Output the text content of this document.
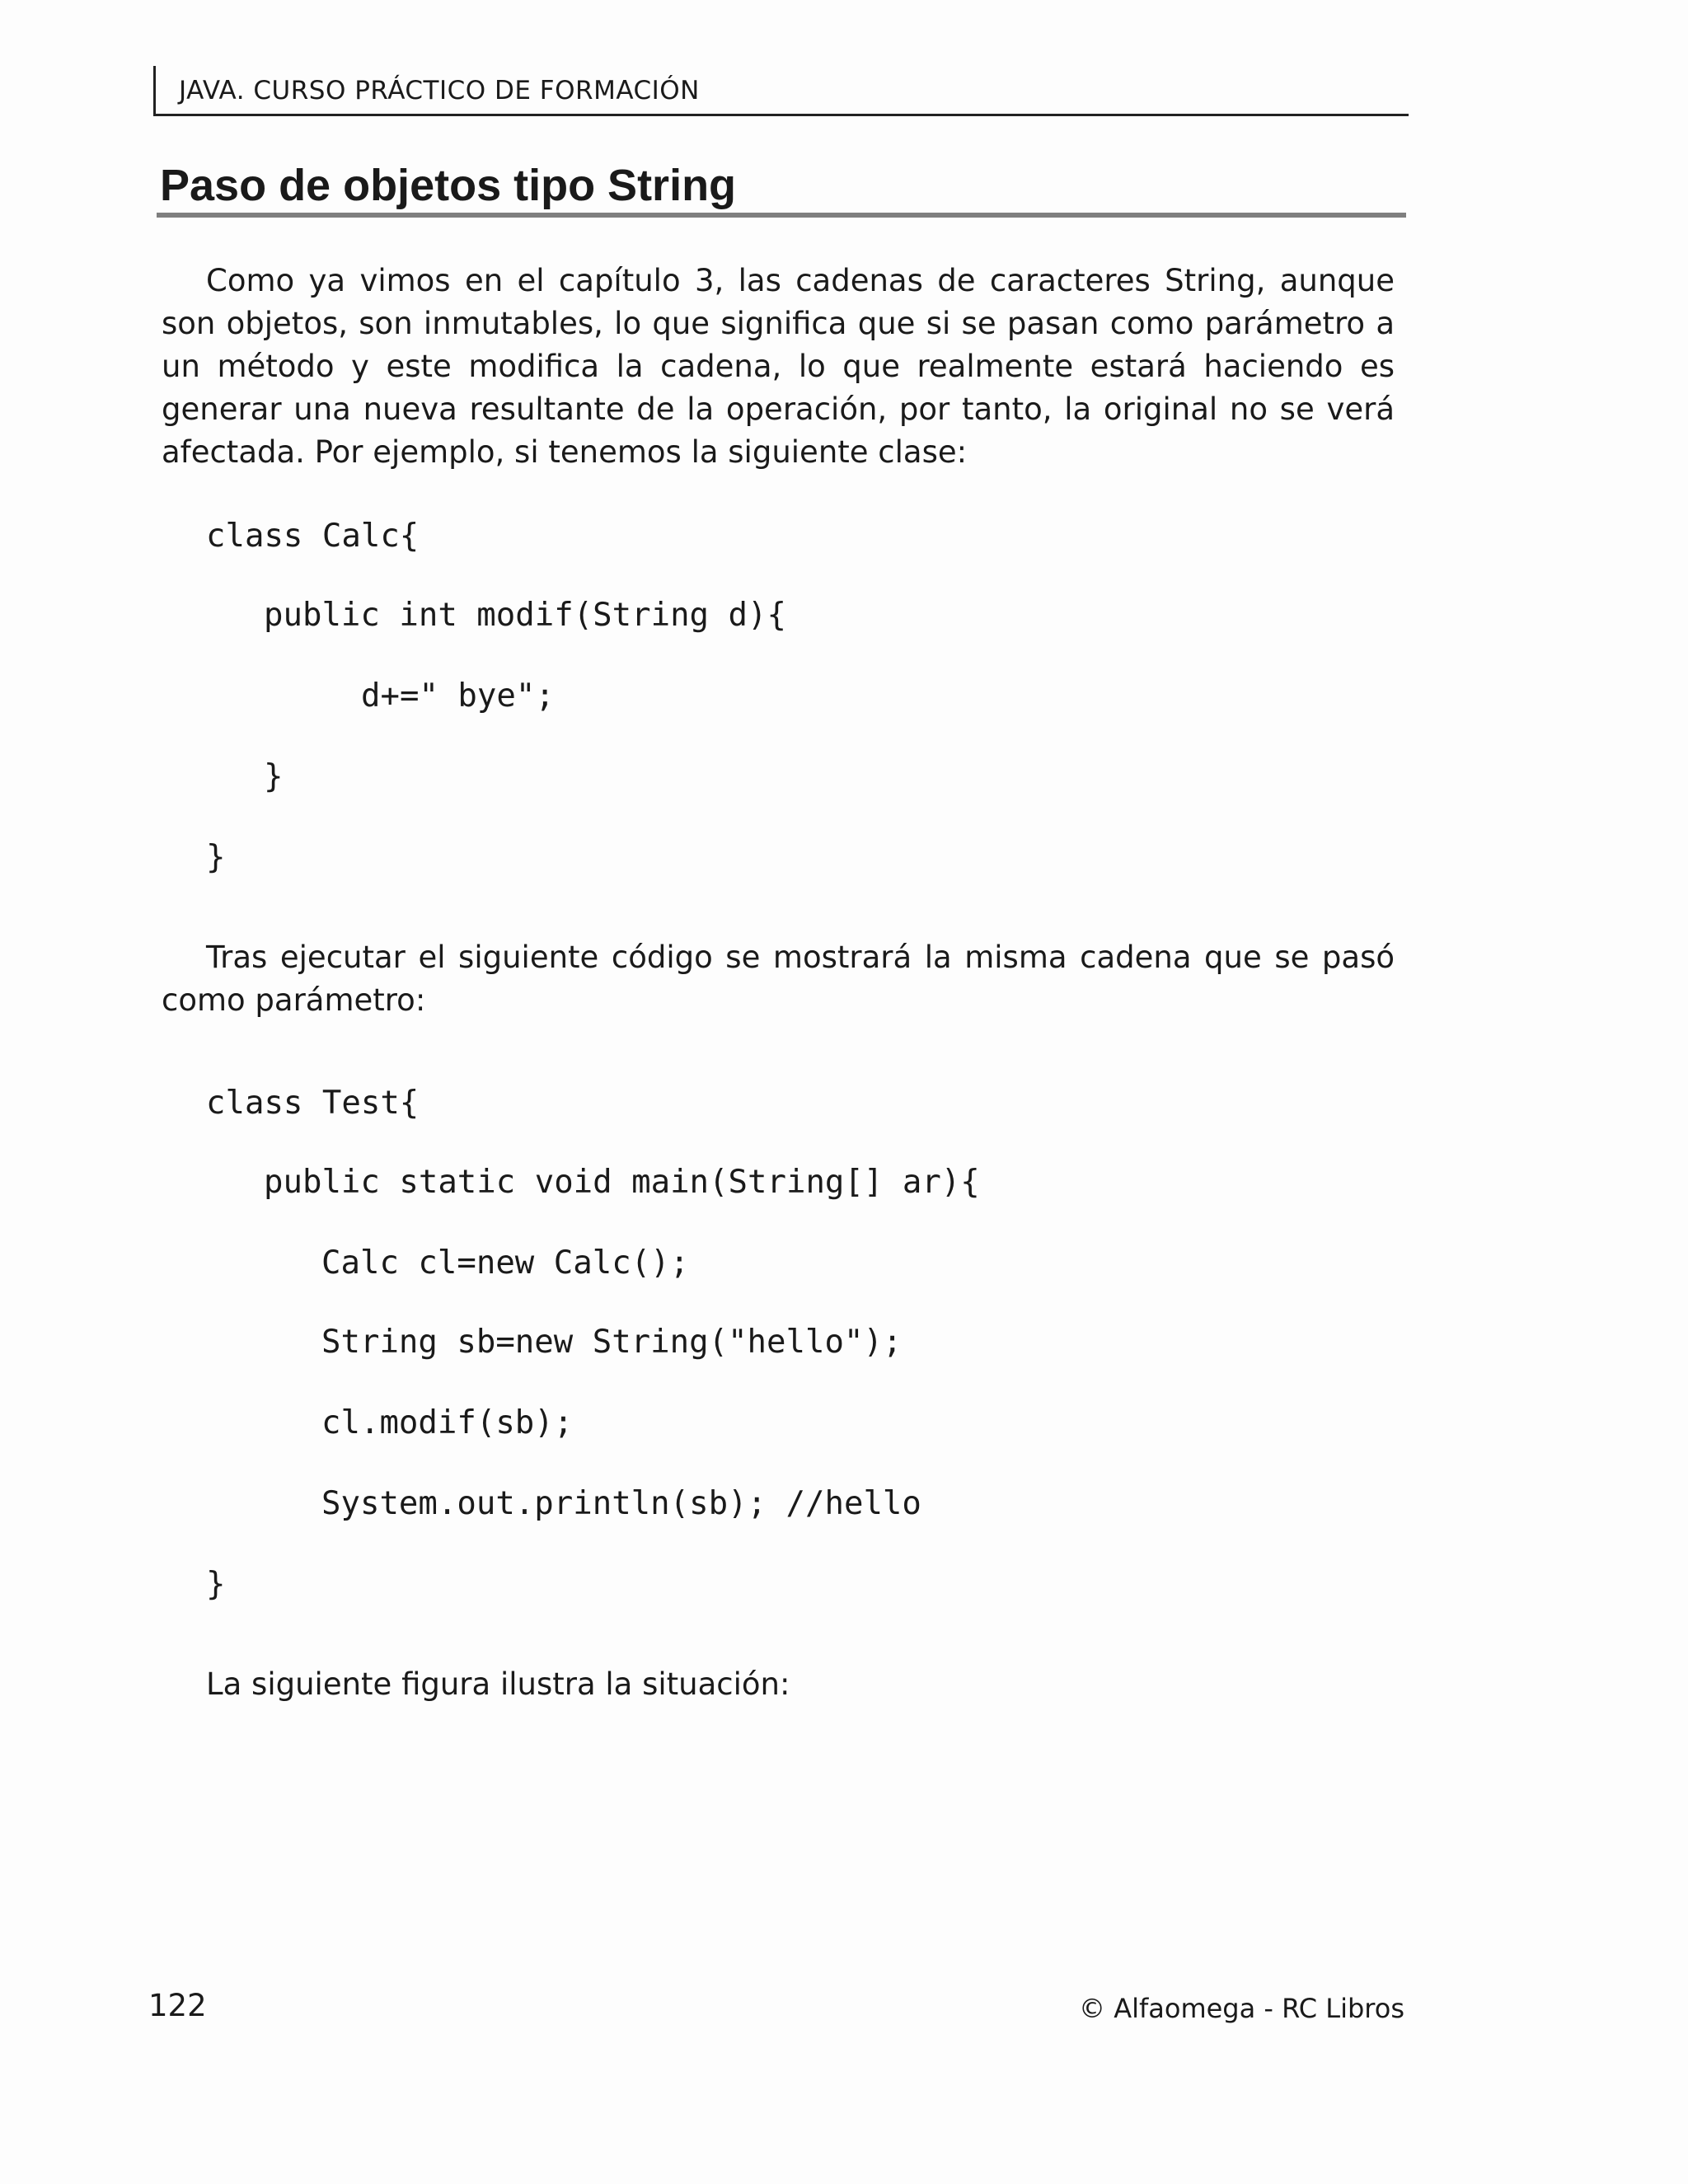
JAVA. CURSO PRÁCTICO DE FORMACIÓN
Paso de objetos tipo String

Como ya vimos en el capítulo 3, las cadenas de caracteres String, aunque son objetos, son inmutables, lo que significa que si se pasan como parámetro a un método y este modifica la cadena, lo que realmente estará haciendo es generar una nueva resultante de la operación, por tanto, la original no se verá afectada. Por ejemplo, si tenemos la siguiente clase:

class Calc{
public int modif(String d){
d+=" bye";
}
}

Tras ejecutar el siguiente código se mostrará la misma cadena que se pasó como parámetro:

class Test{
public static void main(String[] ar){
Calc cl=new Calc();
String sb=new String("hello");
cl.modif(sb);
System.out.println(sb); //hello
}

La siguiente figura ilustra la situación:

122	© Alfaomega - RC Libros
